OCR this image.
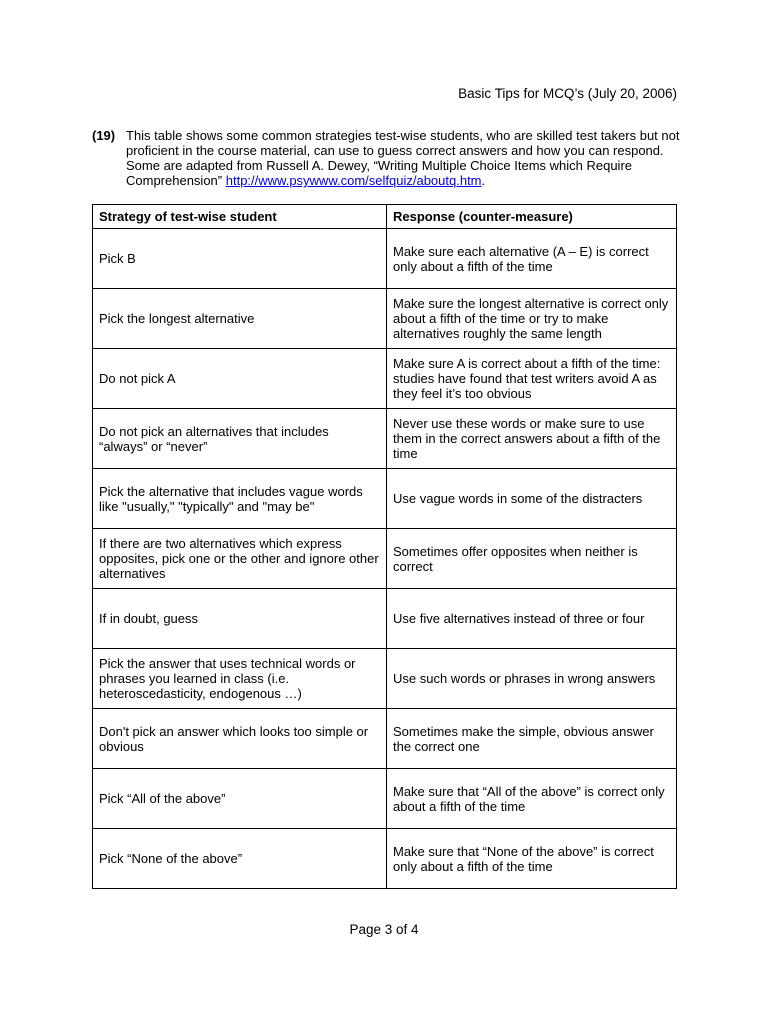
Basic Tips for MCQ’s (July 20, 2006)
(19) This table shows some common strategies test-wise students, who are skilled test takers but not proficient in the course material, can use to guess correct answers and how you can respond. Some are adapted from Russell A. Dewey, “Writing Multiple Choice Items which Require Comprehension” http://www.psywww.com/selfquiz/aboutq.htm.
Strategy of test-wise student	Response (counter-measure)
Pick B	Make sure each alternative (A – E) is correct only about a fifth of the time
Pick the longest alternative	Make sure the longest alternative is correct only about a fifth of the time or try to make alternatives roughly the same length
Do not pick A	Make sure A is correct about a fifth of the time: studies have found that test writers avoid A as they feel it’s too obvious
Do not pick an alternatives that includes “always” or “never”	Never use these words or make sure to use them in the correct answers about a fifth of the time
Pick the alternative that includes vague words like "usually," "typically" and "may be"	Use vague words in some of the distracters
If there are two alternatives which express opposites, pick one or the other and ignore other alternatives	Sometimes offer opposites when neither is correct
If in doubt, guess	Use five alternatives instead of three or four
Pick the answer that uses technical words or phrases you learned in class (i.e. heteroscedasticity, endogenous …)	Use such words or phrases in wrong answers
Don't pick an answer which looks too simple or obvious	Sometimes make the simple, obvious answer the correct one
Pick “All of the above”	Make sure that “All of the above” is correct only about a fifth of the time
Pick “None of the above”	Make sure that “None of the above” is correct only about a fifth of the time
Page 3 of 4
